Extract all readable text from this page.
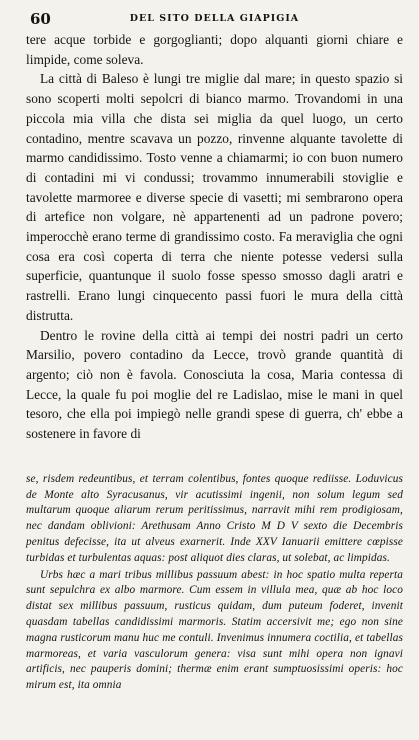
60	DEL SITO DELLA GIAPIGIA

tere acque torbide e gorgoglianti; dopo alquanti giorni chiare e limpide, come soleva.

La città di Baleso è lungi tre miglie dal mare; in questo spazio si sono scoperti molti sepolcri di bianco marmo. Trovandomi in una piccola mia villa che dista sei miglia da quel luogo, un certo contadino, mentre scavava un pozzo, rinvenne alquante tavolette di marmo candidissimo. Tosto venne a chiamarmi; io con buon numero di contadini mi vi condussi; trovammo innumerabili stoviglie e tavolette marmoree e diverse specie di vasetti; mi sembrarono opera di artefice non volgare, nè appartenenti ad un padrone povero; imperocchè erano terme di grandissimo costo. Fa meraviglia che ogni cosa era così coperta di terra che niente potesse vedersi sulla superficie, quantunque il suolo fosse spesso smosso dagli aratri e rastrelli. Erano lungi cinquecento passi fuori le mura della città distrutta.

Dentro le rovine della città ai tempi dei nostri padri un certo Marsilio, povero contadino da Lecce, trovò grande quantità di argento; ciò non è favola. Conosciuta la cosa, Maria contessa di Lecce, la quale fu poi moglie del re Ladislao, mise le mani in quel tesoro, che ella poi impiegò nelle grandi spese di guerra, ch' ebbe a sostenere in favore di

se, risdem redeuntibus, et terram colentibus, fontes quoque rediisse. Loduvicus de Monte alto Syracusanus, vir acutissimi ingenii, non solum legum sed multarum quoque aliarum rerum peritissimus, narravit mihi rem prodigiosam, nec dandam oblivioni: Arethusam Anno Cristo M D V sexto die Decembris penitus defecisse, ita ut alveus exarnerit. Inde XXV Ianuarii emittere cœpisse turbidas et turbulentas aquas: post aliquot dies claras, ut solebat, ac limpidas.

Urbs hæc a mari tribus millibus passuum abest: in hoc spatio multa reperta sunt sepulchra ex albo marmore. Cum essem in villula mea, quæ ab hoc loco distat sex millibus passuum, rusticus quidam, dum puteum foderet, invenit quasdam tabellas candidissimi marmoris. Statim accersivit me; ego non sine magna rusticorum manu huc me contuli. Invenimus innumera coctilia, et tabellas marmoreas, et varia vasculorum genera: visa sunt mihi opera non ignavi artificis, nec pauperis domini; thermæ enim erant sumptuosissimi operis: hoc mirum est, ita omnia
